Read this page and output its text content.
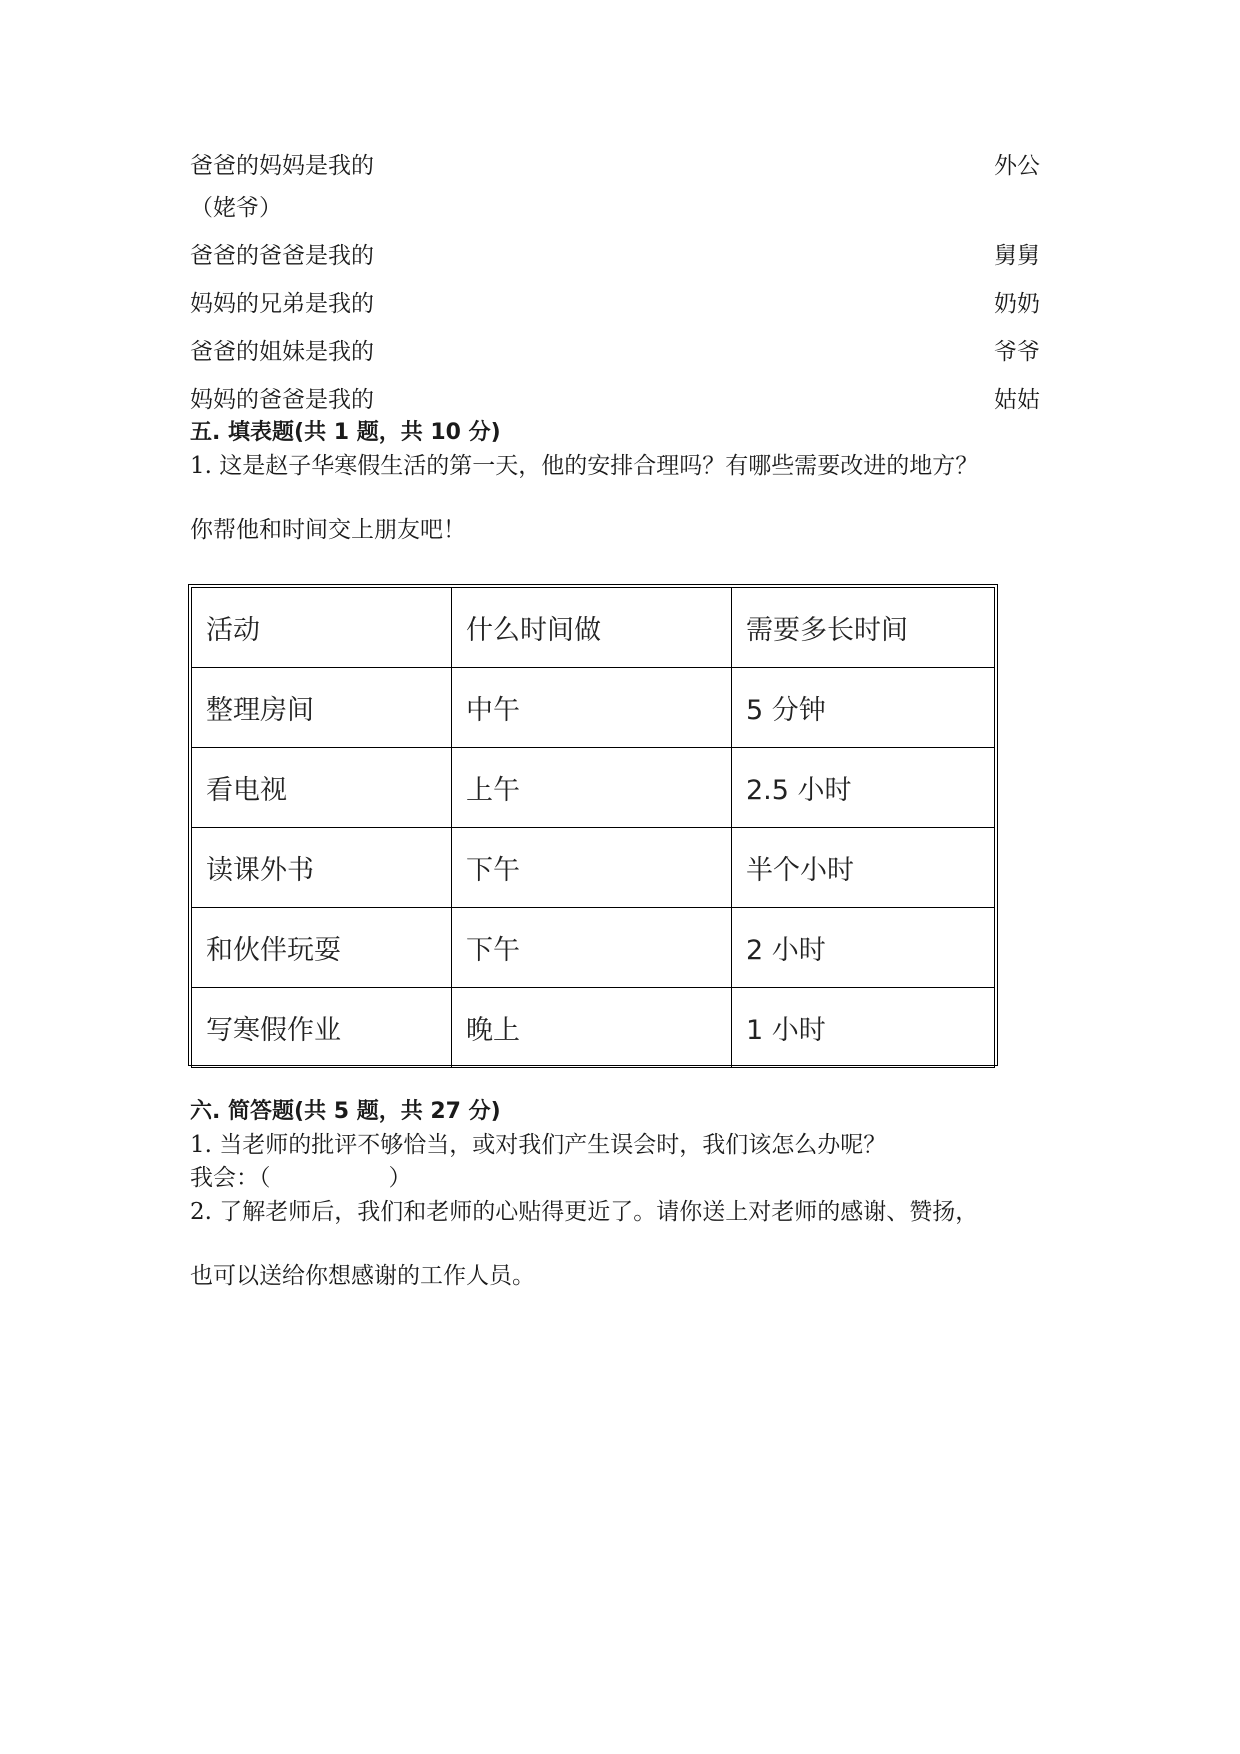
爸爸的妈妈是我的	外公
（姥爷）
爸爸的爸爸是我的	舅舅
妈妈的兄弟是我的	奶奶
爸爸的姐妹是我的	爷爷
妈妈的爸爸是我的	姑姑
五. 填表题(共 1 题，共 10 分)
1. 这是赵子华寒假生活的第一天，他的安排合理吗？有哪些需要改进的地方？
你帮他和时间交上朋友吧！
活动	什么时间做	需要多长时间
整理房间	中午	5 分钟
看电视	上午	2.5 小时
读课外书	下午	半个小时
和伙伴玩耍	下午	2 小时
写寒假作业	晚上	1 小时
六. 简答题(共 5 题，共 27 分)
1. 当老师的批评不够恰当，或对我们产生误会时，我们该怎么办呢？
我会：（	）
2. 了解老师后，我们和老师的心贴得更近了。请你送上对老师的感谢、赞扬，
也可以送给你想感谢的工作人员。
